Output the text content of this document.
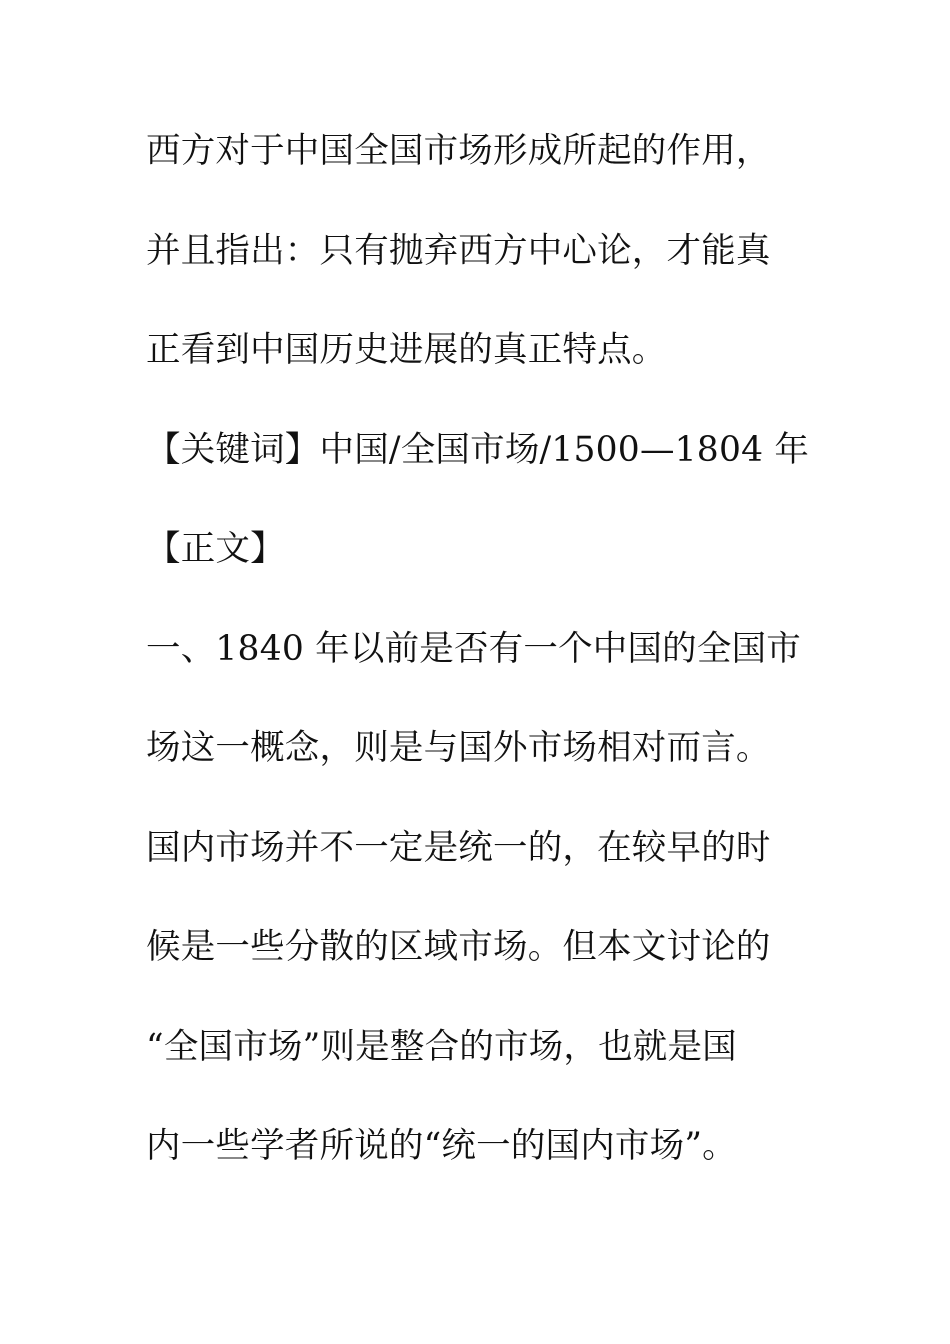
西方对于中国全国市场形成所起的作用，
并且指出：只有抛弃西方中心论，才能真
正看到中国历史进展的真正特点。
【关键词】中国/全国市场/1500—1804 年
【正文】
一、1840 年以前是否有一个中国的全国市
场这一概念，则是与国外市场相对而言。
国内市场并不一定是统一的，在较早的时
候是一些分散的区域市场。但本文讨论的
“全国市场”则是整合的市场，也就是国
内一些学者所说的“统一的国内市场”。
